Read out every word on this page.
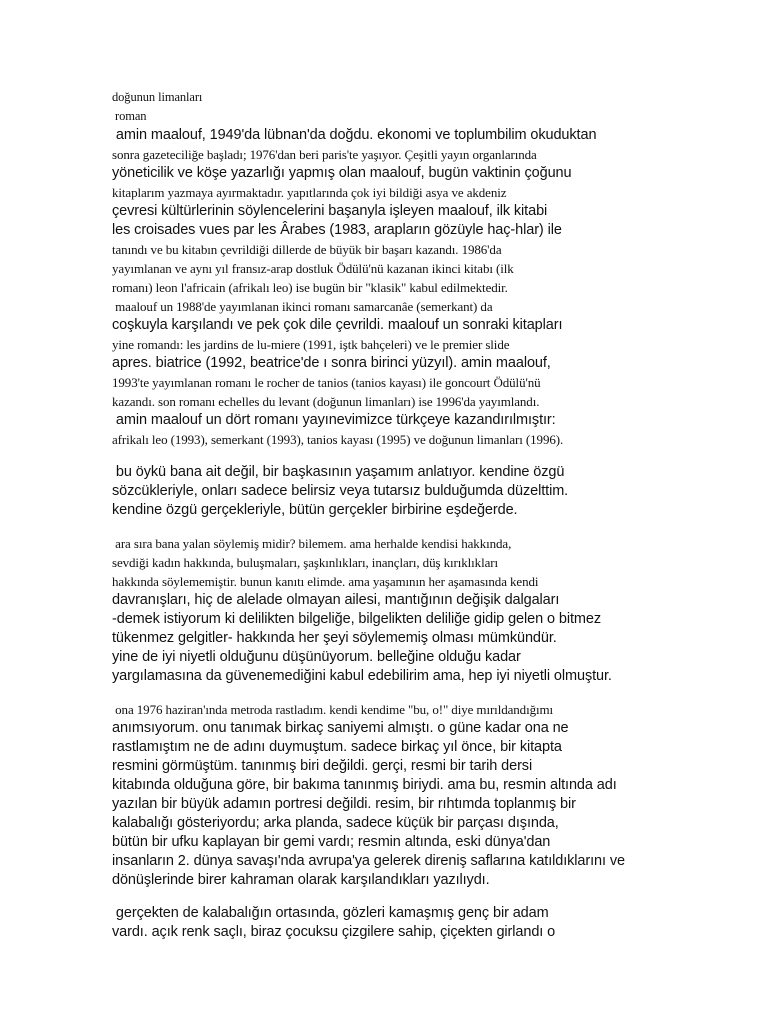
doğunun limanları
roman
amin maalouf, 1949'da lübnan'da doğdu. ekonomi ve toplumbilim okuduktan
sonra gazeteciliğe başladı; 1976'dan beri paris'te yaşıyor. Çeşitli yayın organlarında
yöneticilik ve köşe yazarlığı yapmış olan maalouf, bugün vaktinin çoğunu
kitaplarım yazmaya ayırmaktadır. yapıtlarında çok iyi bildiği asya ve akdeniz
çevresi kültürlerinin söylencelerini başanyla işleyen maalouf, ilk kitabi
les croisades vues par les Ârabes (1983, arapların gözüyle haç-hlar) ile
tanındı ve bu kitabın çevrildiği dillerde de büyük bir başarı kazandı. 1986'da
yayımlanan ve aynı yıl fransız-arap dostluk Ödülü'nü kazanan ikinci kitabı (ilk
romanı) leon l'africain (afrikalı leo) ise bugün bir "klasik" kabul edilmektedir.
maalouf un 1988'de yayımlanan ikinci romanı samarcanâe (semerkant) da
coşkuyla karşılandı ve pek çok dile çevrildi. maalouf un sonraki kitapları
yine romandı: les jardins de lu-miere (1991, iştk bahçeleri) ve le premier slide
apres. biatrice (1992, beatrice'de ı sonra birinci yüzyıl). amin maalouf,
1993'te yayımlanan romanı le rocher de tanios (tanios kayası) ile goncourt Ödülü'nü
kazandı. son romanı echelles du levant (doğunun limanları) ise 1996'da yayımlandı.
amin maalouf un dört romanı yayınevimizce türkçeye kazandırılmıştır:
afrikalı leo (1993), semerkant (1993), tanios kayası (1995) ve doğunun limanları (1996).
bu öykü bana ait değil, bir başkasının yaşamım anlatıyor. kendine özgü
sözcükleriyle, onları sadece belirsiz veya tutarsız bulduğumda düzelttim.
kendine özgü gerçekleriyle, bütün gerçekler birbirine eşdeğerde.
ara sıra bana yalan söylemiş midir? bilemem. ama herhalde kendisi hakkında,
sevdiği kadın hakkında, buluşmaları, şaşkınlıkları, inançları, düş kırıklıkları
hakkında söylememiştir. bunun kanıtı elimde. ama yaşamının her aşamasında kendi
davranışları, hiç de alelade olmayan ailesi, mantığının değişik dalgaları
-demek istiyorum ki delilikten bilgeliğe, bilgelikten deliliğe gidip gelen o bitmez
tükenmez gelgitler- hakkında her şeyi söylememiş olması mümkündür.
yine de iyi niyetli olduğunu düşünüyorum. belleğine olduğu kadar
yargılamasına da güvenemediğini kabul edebilirim ama, hep iyi niyetli olmuştur.
ona 1976 haziran'ında metroda rastladım. kendi kendime "bu, o!" diye mırıldandığımı
anımsıyorum. onu tanımak birkaç saniyemi almıştı. o güne kadar ona ne
rastlamıştım ne de adını duymuştum. sadece birkaç yıl önce, bir kitapta
resmini görmüştüm. tanınmış biri değildi. gerçi, resmi bir tarih dersi
kitabında olduğuna göre, bir bakıma tanınmış biriydi. ama bu, resmin altında adı
yazılan bir büyük adamın portresi değildi. resim, bir rıhtımda toplanmış bir
kalabalığı gösteriyordu; arka planda, sadece küçük bir parçası dışında,
bütün bir ufku kaplayan bir gemi vardı; resmin altında, eski dünya'dan
insanların 2. dünya savaşı'nda avrupa'ya gelerek direniş saflarına katıldıklarını ve
dönüşlerinde birer kahraman olarak karşılandıkları yazılıydı.
gerçekten de kalabalığın ortasında, gözleri kamaşmış genç bir adam
vardı. açık renk saçlı, biraz çocuksu çizgilere sahip, çiçekten girlandı o
